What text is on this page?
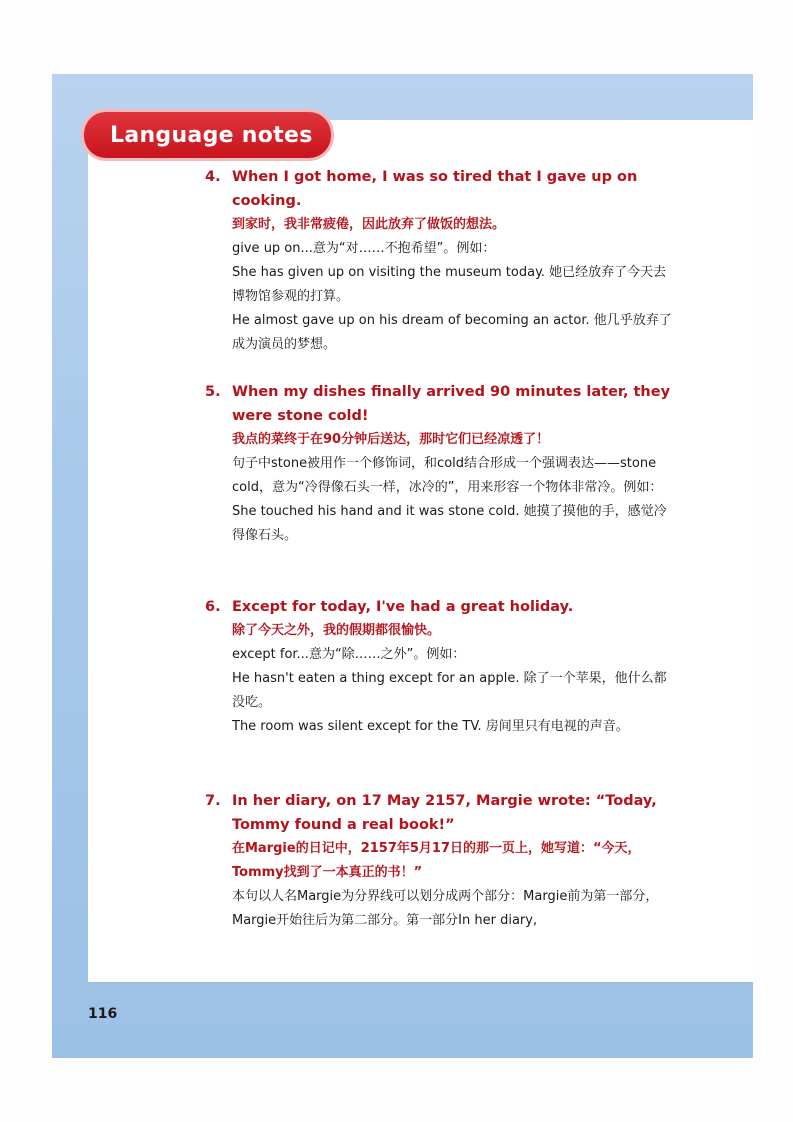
Language notes
4. When I got home, I was so tired that I gave up on cooking.
到家时，我非常疲倦，因此放弃了做饭的想法。
give up on...意为“对……不抱希望”。例如：
She has given up on visiting the museum today. 她已经放弃了今天去博物馆参观的打算。
He almost gave up on his dream of becoming an actor. 他几乎放弃了成为演员的梦想。
5. When my dishes finally arrived 90 minutes later, they were stone cold!
我点的菜终于在90分钟后送达，那时它们已经凉透了！
句子中stone被用作一个修饰词，和cold结合形成一个强调表达——stone cold，意为“冷得像石头一样，冰冷的”，用来形容一个物体非常冷。例如：
She touched his hand and it was stone cold. 她摸了摸他的手，感觉冷得像石头。
6. Except for today, I've had a great holiday.
除了今天之外，我的假期都很愉快。
except for...意为“除……之外”。例如：
He hasn't eaten a thing except for an apple. 除了一个苹果，他什么都没吃。
The room was silent except for the TV. 房间里只有电视的声音。
7. In her diary, on 17 May 2157, Margie wrote: “Today, Tommy found a real book!”
在Margie的日记中，2157年5月17日的那一页上，她写道：“今天，Tommy找到了一本真正的书！”
本句以人名Margie为分界线可以划分成两个部分：Margie前为第一部分，Margie开始往后为第二部分。第一部分In her diary,
116
